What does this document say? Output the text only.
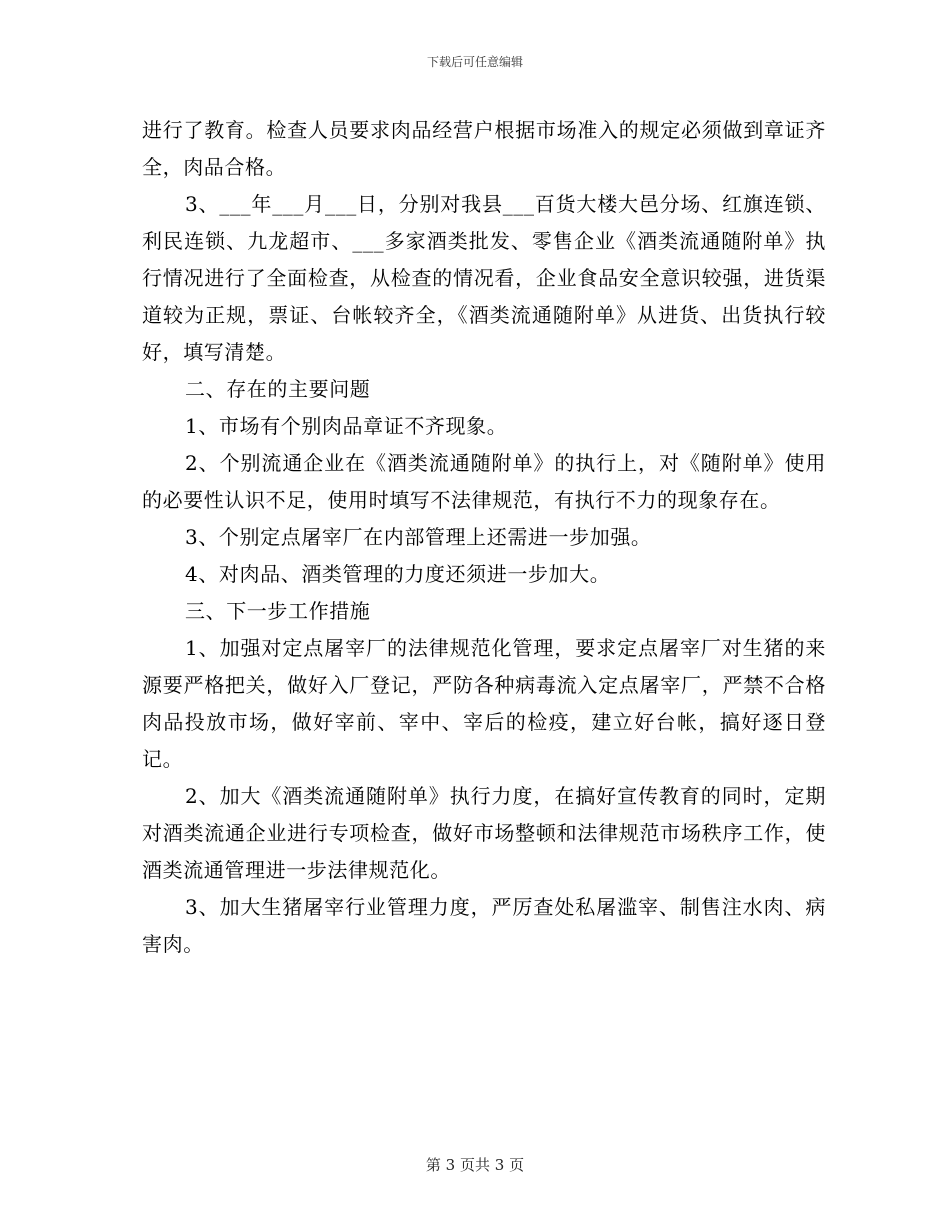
下载后可任意编辑

进行了教育。检查人员要求肉品经营户根据市场准入的规定必须做到章证齐全，肉品合格。

3、___年___月___日，分别对我县___百货大楼大邑分场、红旗连锁、利民连锁、九龙超市、___多家酒类批发、零售企业《酒类流通随附单》执行情况进行了全面检查，从检查的情况看，企业食品安全意识较强，进货渠道较为正规，票证、台帐较齐全，《酒类流通随附单》从进货、出货执行较好，填写清楚。

二、存在的主要问题

1、市场有个别肉品章证不齐现象。

2、个别流通企业在《酒类流通随附单》的执行上，对《随附单》使用的必要性认识不足，使用时填写不法律规范，有执行不力的现象存在。

3、个别定点屠宰厂在内部管理上还需进一步加强。

4、对肉品、酒类管理的力度还须进一步加大。

三、下一步工作措施

1、加强对定点屠宰厂的法律规范化管理，要求定点屠宰厂对生猪的来源要严格把关，做好入厂登记，严防各种病毒流入定点屠宰厂，严禁不合格肉品投放市场，做好宰前、宰中、宰后的检疫，建立好台帐，搞好逐日登记。

2、加大《酒类流通随附单》执行力度，在搞好宣传教育的同时，定期对酒类流通企业进行专项检查，做好市场整顿和法律规范市场秩序工作，使酒类流通管理进一步法律规范化。

3、加大生猪屠宰行业管理力度，严厉查处私屠滥宰、制售注水肉、病害肉。

第 3 页共 3 页
